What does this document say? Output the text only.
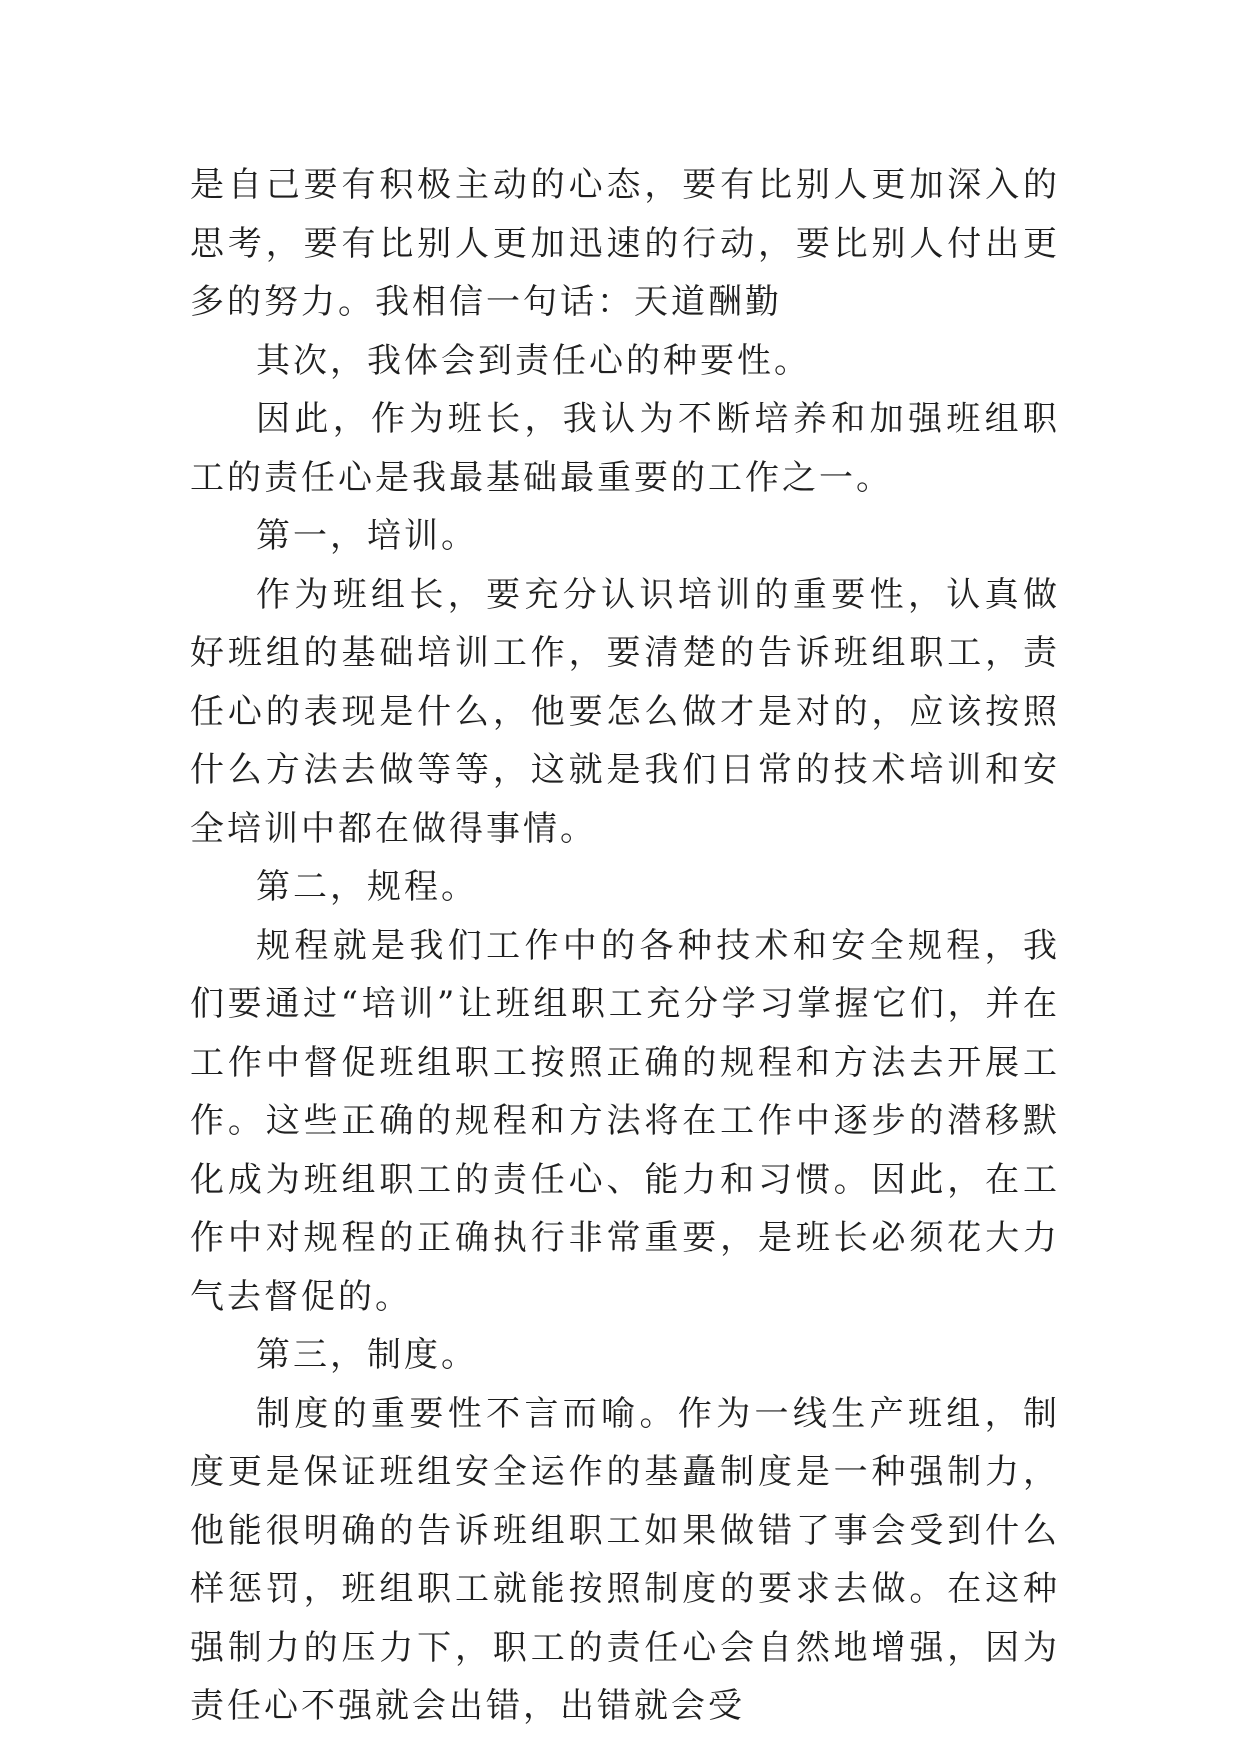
是自己要有积极主动的心态，要有比别人更加深入的思考，要有比别人更加迅速的行动，要比别人付出更多的努力。我相信一句话：天道酬勤

其次，我体会到责任心的种要性。

因此，作为班长，我认为不断培养和加强班组职工的责任心是我最基础最重要的工作之一。

第一，培训。

作为班组长，要充分认识培训的重要性，认真做好班组的基础培训工作，要清楚的告诉班组职工，责任心的表现是什么，他要怎么做才是对的，应该按照什么方法去做等等，这就是我们日常的技术培训和安全培训中都在做得事情。

第二，规程。

规程就是我们工作中的各种技术和安全规程，我们要通过“培训”让班组职工充分学习掌握它们，并在工作中督促班组职工按照正确的规程和方法去开展工作。这些正确的规程和方法将在工作中逐步的潜移默化成为班组职工的责任心、能力和习惯。因此，在工作中对规程的正确执行非常重要，是班长必须花大力气去督促的。

第三，制度。

制度的重要性不言而喻。作为一线生产班组，制度更是保证班组安全运作的基矗制度是一种强制力，他能很明确的告诉班组职工如果做错了事会受到什么样惩罚，班组职工就能按照制度的要求去做。在这种强制力的压力下，职工的责任心会自然地增强，因为责任心不强就会出错，出错就会受
